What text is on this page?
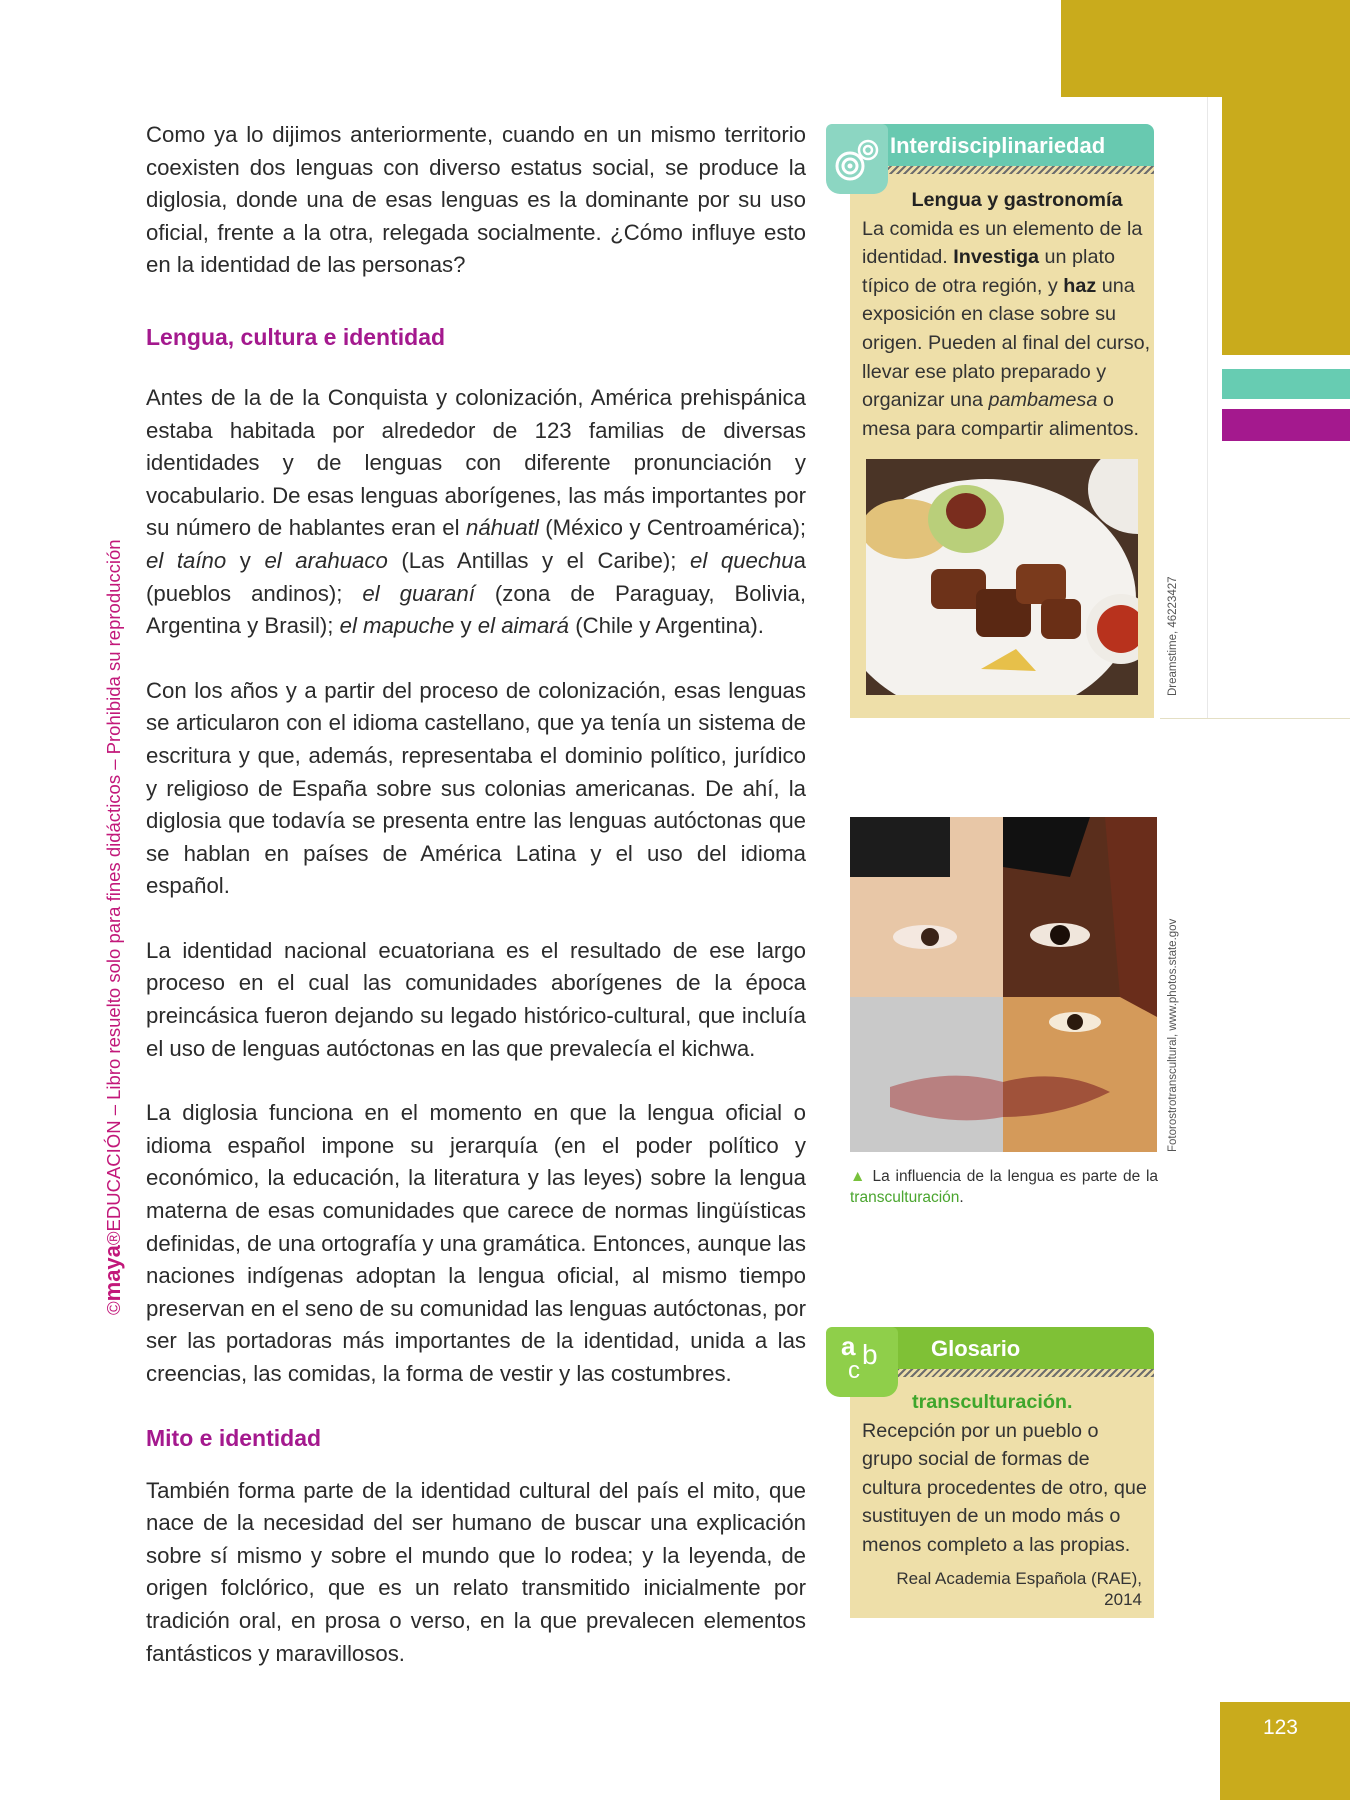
©maya®EDUCACIÓN – Libro resuelto solo para fines didácticos – Prohibida su reproducción

Como ya lo dijimos anteriormente, cuando en un mismo territorio coexisten dos lenguas con diverso estatus social, se produce la diglosia, donde una de esas lenguas es la dominante por su uso oficial, frente a la otra, relegada socialmente. ¿Cómo influye esto en la identidad de las personas?

Lengua, cultura e identidad

Antes de la de la Conquista y colonización, América prehispánica estaba habitada por alrededor de 123 familias de diversas identidades y de lenguas con diferente pronunciación y vocabulario. De esas lenguas aborígenes, las más importantes por su número de hablantes eran el náhuatl (México y Centroamérica); el taíno y el arahuaco (Las Antillas y el Caribe); el quechua (pueblos andinos); el guaraní (zona de Paraguay, Bolivia, Argentina y Brasil); el mapuche y el aimará (Chile y Argentina).

Con los años y a partir del proceso de colonización, esas lenguas se articularon con el idioma castellano, que ya tenía un sistema de escritura y que, además, representaba el dominio político, jurídico y religioso de España sobre sus colonias americanas. De ahí, la diglosia que todavía se presenta entre las lenguas autóctonas que se hablan en países de América Latina y el uso del idioma español.

La identidad nacional ecuatoriana es el resultado de ese largo proceso en el cual las comunidades aborígenes de la época preincásica fueron dejando su legado histórico-cultural, que incluía el uso de lenguas autóctonas en las que prevalecía el kichwa.

La diglosia funciona en el momento en que la lengua oficial o idioma español impone su jerarquía (en el poder político y económico, la educación, la literatura y las leyes) sobre la lengua materna de esas comunidades que carece de normas lingüísticas definidas, de una ortografía y una gramática. Entonces, aunque las naciones indígenas adoptan la lengua oficial, al mismo tiempo preservan en el seno de su comunidad las lenguas autóctonas, por ser las portadoras más importantes de la identidad, unida a las creencias, las comidas, la forma de vestir y las costumbres.

Mito e identidad

También forma parte de la identidad cultural del país el mito, que nace de la necesidad del ser humano de buscar una explicación sobre sí mismo y sobre el mundo que lo rodea; y la leyenda, de origen folclórico, que es un relato transmitido inicialmente por tradición oral, en prosa o verso, en la que prevalecen elementos fantásticos y maravillosos.

Interdisciplinariedad
Lengua y gastronomía
La comida es un elemento de la identidad. Investiga un plato típico de otra región, y haz una exposición en clase sobre su origen. Pueden al final del curso, llevar ese plato preparado y organizar una pambamesa o mesa para compartir alimentos.
Dreamstime, 46223427
Fotorostrotranscultural, www.photos.state.gov
▲ La influencia de la lengua es parte de la transculturación.
Glosario
a b
c
transculturación.
Recepción por un pueblo o grupo social de formas de cultura procedentes de otro, que sustituyen de un modo más o menos completo a las propias.
Real Academia Española (RAE), 2014
123
